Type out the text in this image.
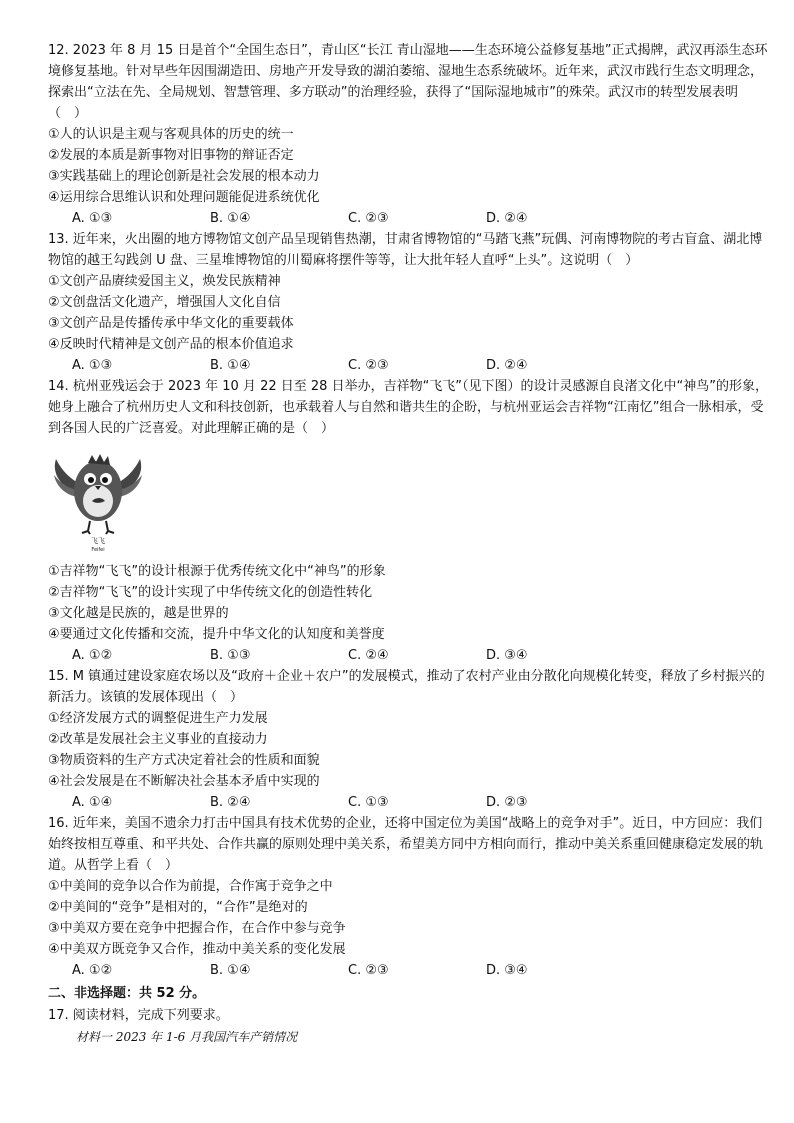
12. 2023 年 8 月 15 日是首个“全国生态日”，青山区“长江 青山湿地——生态环境公益修复基地”正式揭牌，武汉再添生态环境修复基地。针对早些年因围湖造田、房地产开发导致的湖泊萎缩、湿地生态系统破坏。近年来，武汉市践行生态文明理念，探索出“立法在先、全局规划、智慧管理、多方联动”的治理经验，获得了“国际湿地城市”的殊荣。武汉市的转型发展表明（　）

①人的认识是主观与客观具体的历史的统一

②发展的本质是新事物对旧事物的辩证否定

③实践基础上的理论创新是社会发展的根本动力

④运用综合思维认识和处理问题能促进系统优化

A. ①③	B. ①④	C. ②③	D. ②④

13. 近年来，火出圈的地方博物馆文创产品呈现销售热潮，甘肃省博物馆的“马踏飞燕”玩偶、河南博物院的考古盲盒、湖北博物馆的越王勾践剑 U 盘、三星堆博物馆的川蜀麻将摆件等等，让大批年轻人直呼“上头”。这说明（　）

①文创产品赓续爱国主义，焕发民族精神

②文创盘活文化遗产，增强国人文化自信

③文创产品是传播传承中华文化的重要载体

④反映时代精神是文创产品的根本价值追求

A. ①③	B. ①④	C. ②③	D. ②④

14. 杭州亚残运会于 2023 年 10 月 22 日至 28 日举办，吉祥物“飞飞”（见下图）的设计灵感源自良渚文化中“神鸟”的形象，她身上融合了杭州历史人文和科技创新，也承载着人与自然和谐共生的企盼，与杭州亚运会吉祥物“江南忆”组合一脉相承，受到各国人民的广泛喜爱。对此理解正确的是（　）

飞飞
Feifei

①吉祥物“飞飞”的设计根源于优秀传统文化中“神鸟”的形象

②吉祥物“飞飞”的设计实现了中华传统文化的创造性转化

③文化越是民族的，越是世界的

④要通过文化传播和交流，提升中华文化的认知度和美誉度

A. ①②	B. ①③	C. ②④	D. ③④

15. M 镇通过建设家庭农场以及“政府＋企业＋农户”的发展模式，推动了农村产业由分散化向规模化转变，释放了乡村振兴的新活力。该镇的发展体现出（　）

①经济发展方式的调整促进生产力发展

②改革是发展社会主义事业的直接动力

③物质资料的生产方式决定着社会的性质和面貌

④社会发展是在不断解决社会基本矛盾中实现的

A. ①④	B. ②④	C. ①③	D. ②③

16. 近年来，美国不遗余力打击中国具有技术优势的企业，还将中国定位为美国“战略上的竞争对手”。近日，中方回应：我们始终按相互尊重、和平共处、合作共赢的原则处理中美关系，希望美方同中方相向而行，推动中美关系重回健康稳定发展的轨道。从哲学上看（　）

①中美间的竞争以合作为前提，合作寓于竞争之中

②中美间的“竞争”是相对的，“合作”是绝对的

③中美双方要在竞争中把握合作，在合作中参与竞争

④中美双方既竞争又合作，推动中美关系的变化发展

A. ①②	B. ①④	C. ②③	D. ③④
二、非选择题：共 52 分。

17. 阅读材料，完成下列要求。

材料一 2023 年 1-6 月我国汽车产销情况
